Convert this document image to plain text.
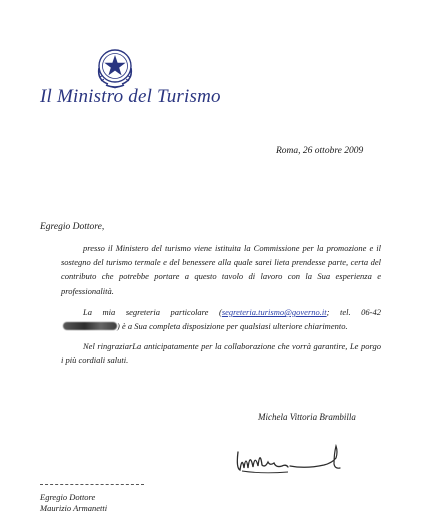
Il Ministro del Turismo
Roma, 26 ottobre 2009
Egregio Dottore,
presso il Ministero del turismo viene istituita la Commissione per la promozione e il sostegno del turismo termale e del benessere alla quale sarei lieta prendesse parte, certa del contributo che potrebbe portare a questo tavolo di lavoro con la Sua esperienza e professionalità.
La mia segreteria particolare (segreteria.turismo@governo.it; tel. 06-42) è a Sua completa disposizione per qualsiasi ulteriore chiarimento.
Nel ringraziarLa anticipatamente per la collaborazione che vorrà garantire, Le porgo i più cordiali saluti.
Michela Vittoria Brambilla
Egregio Dottore
Maurizio Armanetti
